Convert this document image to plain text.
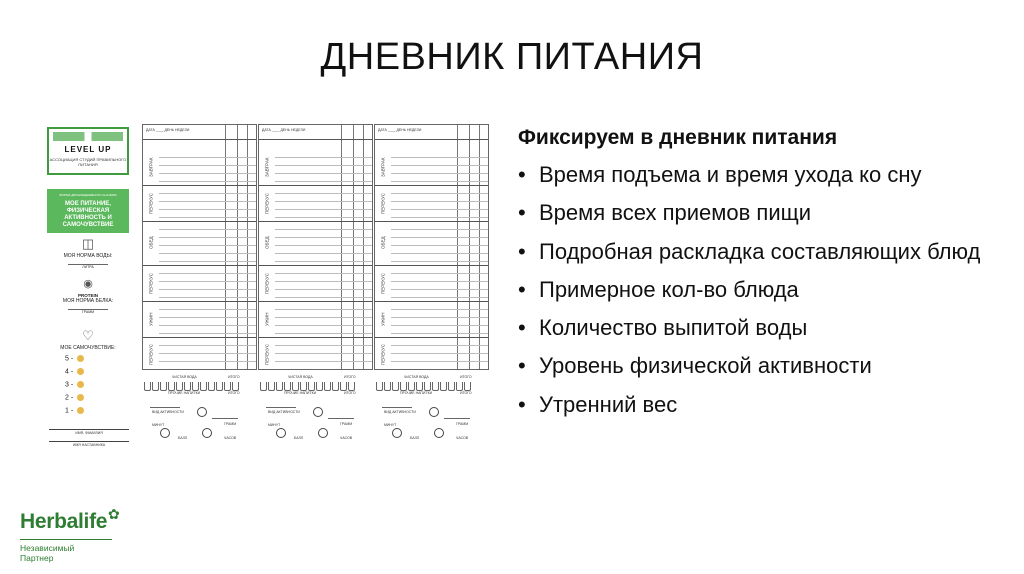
ДНЕВНИК ПИТАНИЯ
LEVEL UP
АССОЦИАЦИЯ СТУДИЙ ПРАВИЛЬНОГО ПИТАНИЯ
ФОРМА ДЛЯ ЕЖЕДНЕВНОГО АНАЛИЗА
МОЕ ПИТАНИЕ, ФИЗИЧЕСКАЯ АКТИВНОСТЬ И САМОЧУВСТВИЕ
◫
МОЯ НОРМА ВОДЫ:
ЛИТРА
◉
PROTEIN
МОЯ НОРМА БЕЛКА:
ГРАММ
♡
МОЕ САМОЧУВСТВИЕ:
5 -
4 -
3 -
2 -
1 -
ИМЯ, ФАМИЛИЯ
ИМЯ НАСТАВНИКА
ДАТА ____ ДЕНЬ НЕДЕЛИ
ЗАВТРАК
ПЕРЕКУС
ОБЕД
ПЕРЕКУС
УЖИН
ПЕРЕКУС
ЧИСТАЯ ВОДА	ИТОГО
ПРОЧИЕ НАПИТКИ	ИТОГО
ВИД АКТИВНОСТИ
МИНУТ
БАЛЛ
ГРАММ
ЧАСОВ
ДАТА ____ ДЕНЬ НЕДЕЛИ
ЗАВТРАК
ПЕРЕКУС
ОБЕД
ПЕРЕКУС
УЖИН
ПЕРЕКУС
ЧИСТАЯ ВОДА	ИТОГО
ПРОЧИЕ НАПИТКИ	ИТОГО
ВИД АКТИВНОСТИ
МИНУТ
БАЛЛ
ГРАММ
ЧАСОВ
ДАТА ____ ДЕНЬ НЕДЕЛИ
ЗАВТРАК
ПЕРЕКУС
ОБЕД
ПЕРЕКУС
УЖИН
ПЕРЕКУС
ЧИСТАЯ ВОДА	ИТОГО
ПРОЧИЕ НАПИТКИ	ИТОГО
ВИД АКТИВНОСТИ
МИНУТ
БАЛЛ
ГРАММ
ЧАСОВ
Фиксируем в дневник питания
• Время подъема и время ухода ко сну
• Время всех приемов пищи
• Подробная раскладка составляющих блюд
• Примерное кол-во блюда
• Количество выпитой воды
• Уровень физической активности
• Утренний вес
Herbalife ✿
Независимый
Партнер
